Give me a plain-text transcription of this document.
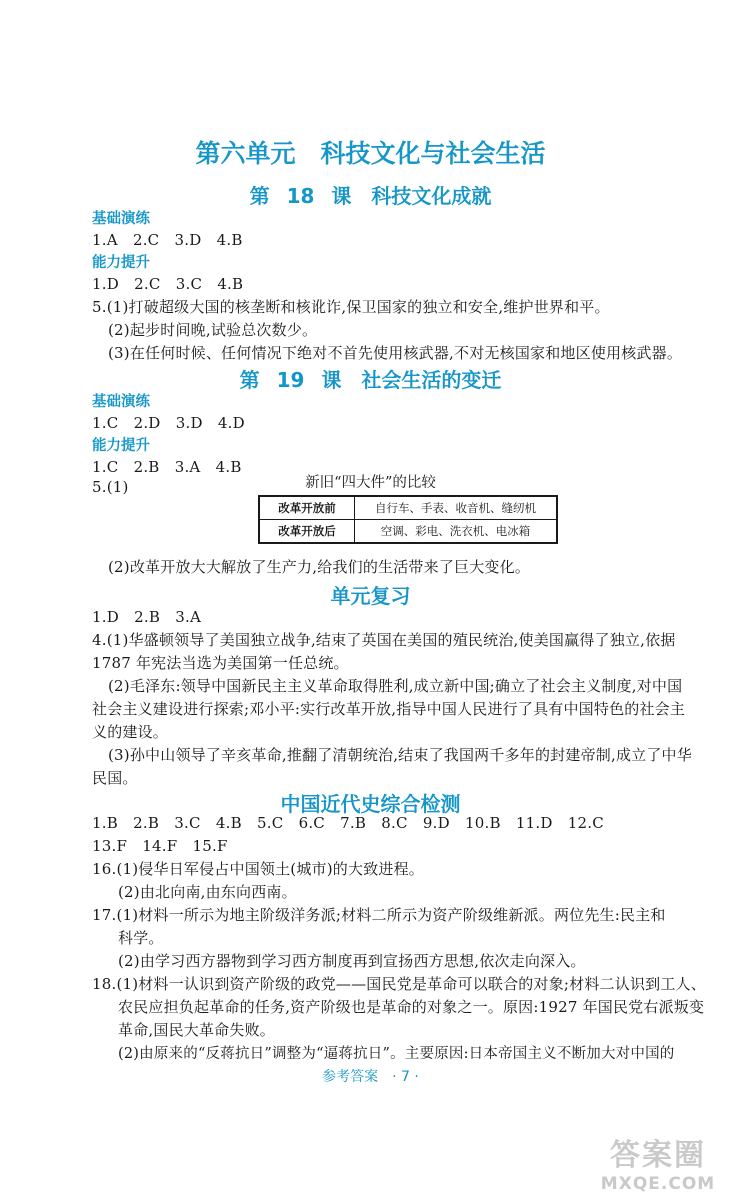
第六单元　科技文化与社会生活
第 18 课　科技文化成就
基础演练
1.A　2.C　3.D　4.B
能力提升
1.D　2.C　3.C　4.B
5.(1)打破超级大国的核垄断和核讹诈,保卫国家的独立和安全,维护世界和平。
(2)起步时间晚,试验总次数少。
(3)在任何时候、任何情况下绝对不首先使用核武器,不对无核国家和地区使用核武器。
第 19 课　社会生活的变迁
基础演练
1.C　2.D　3.D　4.D
能力提升
1.C　2.B　3.A　4.B
5.(1)	新旧“四大件”的比较
改革开放前	自行车、手表、收音机、缝纫机
改革开放后	空调、彩电、洗衣机、电冰箱
(2)改革开放大大解放了生产力,给我们的生活带来了巨大变化。
单元复习
1.D　2.B　3.A
4.(1)华盛顿领导了美国独立战争,结束了英国在美国的殖民统治,使美国赢得了独立,依据
1787 年宪法当选为美国第一任总统。
(2)毛泽东:领导中国新民主主义革命取得胜利,成立新中国;确立了社会主义制度,对中国
社会主义建设进行探索;邓小平:实行改革开放,指导中国人民进行了具有中国特色的社会主
义的建设。
(3)孙中山领导了辛亥革命,推翻了清朝统治,结束了我国两千多年的封建帝制,成立了中华
民国。
中国近代史综合检测
1.B　2.B　3.C　4.B　5.C　6.C　7.B　8.C　9.D　10.B　11.D　12.C
13.F　14.F　15.F
16.(1)侵华日军侵占中国领土(城市)的大致进程。
(2)由北向南,由东向西南。
17.(1)材料一所示为地主阶级洋务派;材料二所示为资产阶级维新派。两位先生:民主和
科学。
(2)由学习西方器物到学习西方制度再到宣扬西方思想,依次走向深入。
18.(1)材料一认识到资产阶级的政党——国民党是革命可以联合的对象;材料二认识到工人、
农民应担负起革命的任务,资产阶级也是革命的对象之一。原因:1927 年国民党右派叛变
革命,国民大革命失败。
(2)由原来的“反蒋抗日”调整为“逼蒋抗日”。主要原因:日本帝国主义不断加大对中国的
参考答案　· 7 ·
答案圈
MXQE.COM
